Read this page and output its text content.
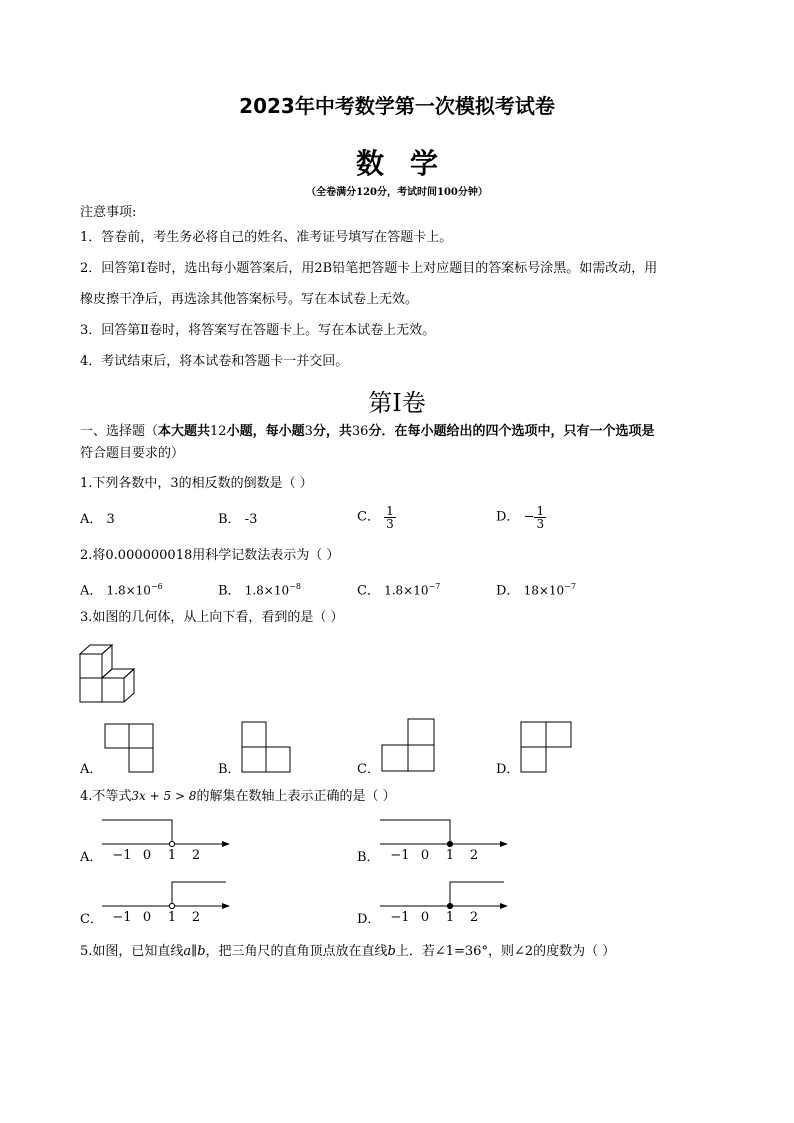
2023年中考数学第一次模拟考试卷
数学
（全卷满分120分，考试时间100分钟）
注意事项:
1．答卷前，考生务必将自己的姓名、准考证号填写在答题卡上。
2．回答第Ⅰ卷时，选出每小题答案后，用2B铅笔把答题卡上对应题目的答案标号涂黑。如需改动，用
橡皮擦干净后，再选涂其他答案标号。写在本试卷上无效。
3．回答第Ⅱ卷时，将答案写在答题卡上。写在本试卷上无效。
4．考试结束后，将本试卷和答题卡一并交回。
第Ⅰ卷
一、选择题（本大题共12小题，每小题3分，共36分．在每小题给出的四个选项中，只有一个选项是
符合题目要求的）
1.下列各数中，3的相反数的倒数是（ ）
A． 3	B． -3	C． $\frac{1}{3}$	D． − $\frac{1}{3}$
2.将0.000000018用科学记数法表示为（ ）
A． $1.8\times 10^{-6}$	B． $1.8\times 10^{-8}$	C． $1.8\times 10^{-7}$	D． $18\times 10^{-7}$
3.如图的几何体，从上向下看，看到的是（ ）
A．	B．	C．	D．
4.不等式3x + 5 > 8的解集在数轴上表示正确的是（ ）
A． −1 0 1 2	B． −1 0 1 2
C． −1 0 1 2	D． −1 0 1 2
5.如图，已知直线a∥b，把三角尺的直角顶点放在直线b上．若∠1=36°，则∠2的度数为（ ）
